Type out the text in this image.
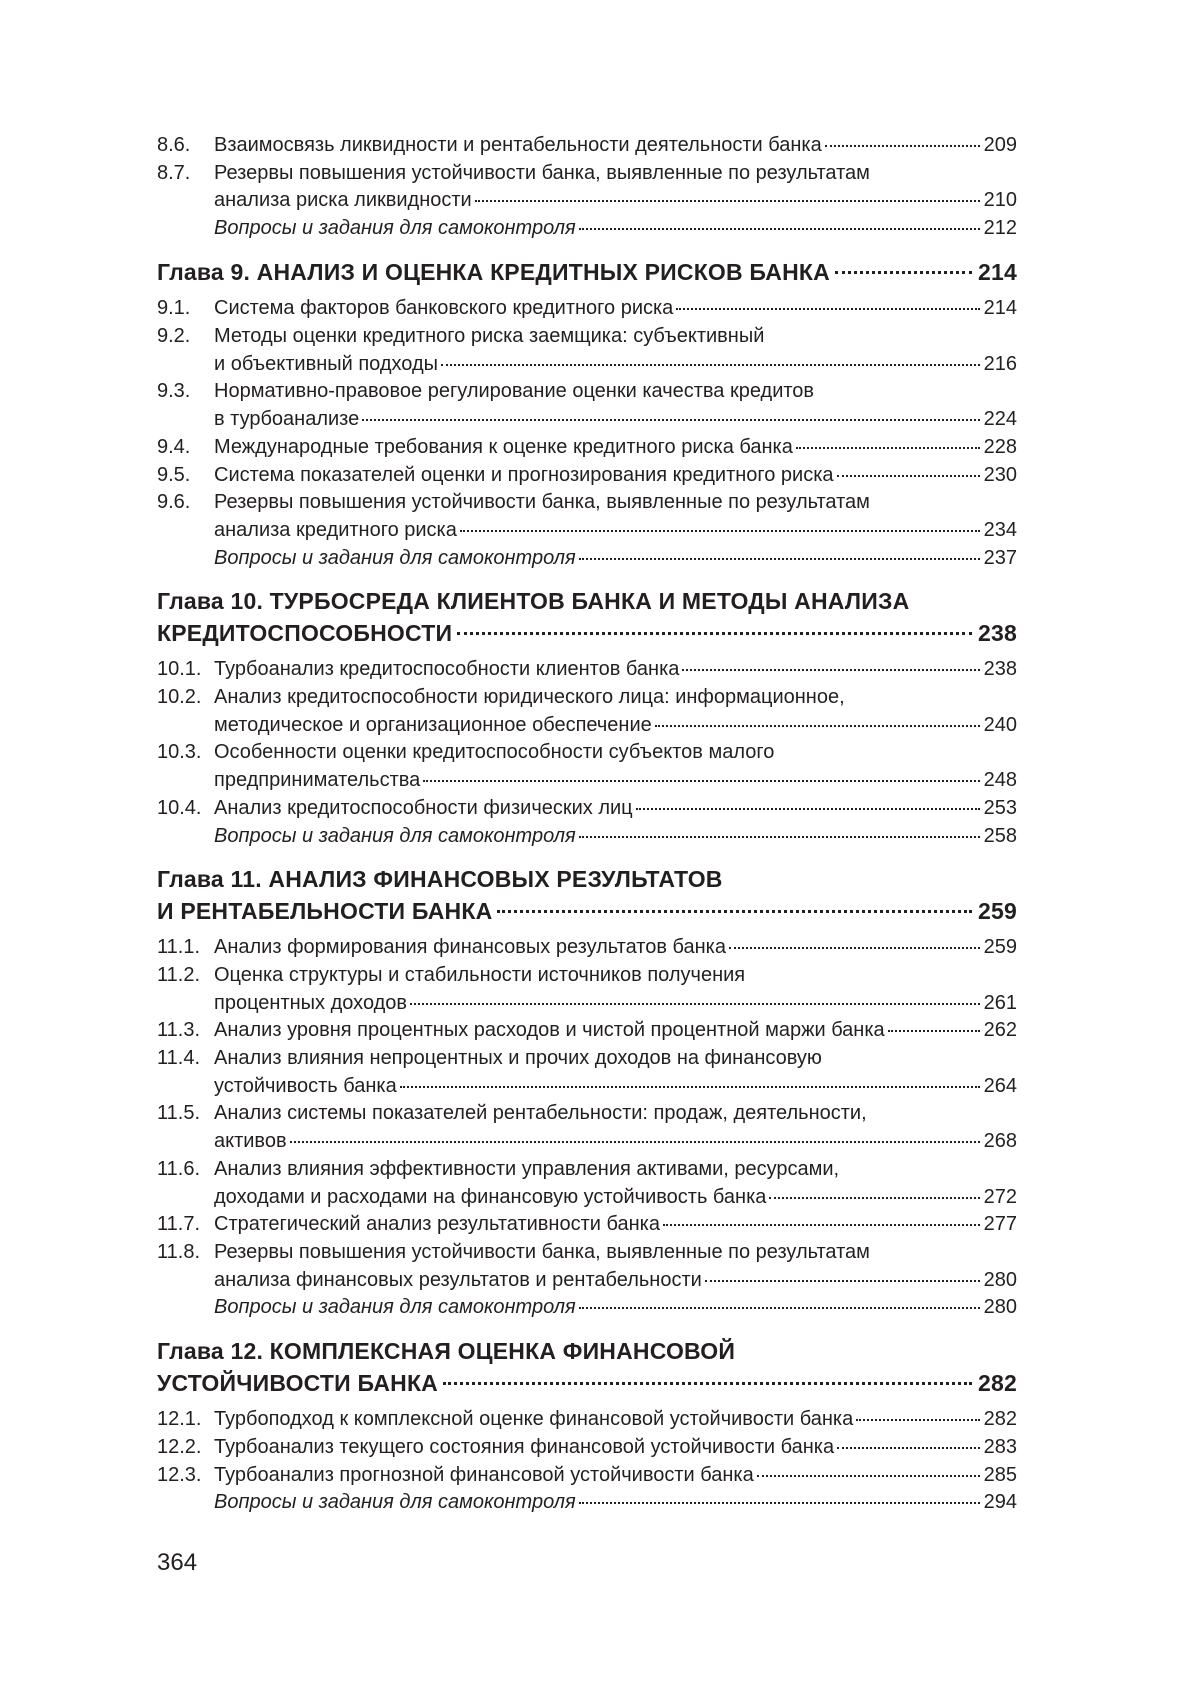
8.6.	Взаимосвязь ликвидности и рентабельности деятельности банка	209
8.7.	Резервы повышения устойчивости банка, выявленные по результатам
анализа риска ликвидности	210
Вопросы и задания для самоконтроля	212
Глава 9. АНАЛИЗ И ОЦЕНКА КРЕДИТНЫХ РИСКОВ БАНКА	214
9.1.	Система факторов банковского кредитного риска	214
9.2.	Методы оценки кредитного риска заемщика: субъективный
и объективный подходы	216
9.3.	Нормативно-правовое регулирование оценки качества кредитов
в турбоанализе	224
9.4.	Международные требования к оценке кредитного риска банка	228
9.5.	Система показателей оценки и прогнозирования кредитного риска	230
9.6.	Резервы повышения устойчивости банка, выявленные по результатам
анализа кредитного риска	234
Вопросы и задания для самоконтроля	237
Глава 10. ТУРБОСРЕДА КЛИЕНТОВ БАНКА И МЕТОДЫ АНАЛИЗА
КРЕДИТОСПОСОБНОСТИ	238
10.1. Турбоанализ кредитоспособности клиентов банка	238
10.2. Анализ кредитоспособности юридического лица: информационное,
методическое и организационное обеспечение	240
10.3. Особенности оценки кредитоспособности субъектов малого
предпринимательства	248
10.4. Анализ кредитоспособности физических лиц	253
Вопросы и задания для самоконтроля	258
Глава 11. АНАЛИЗ ФИНАНСОВЫХ РЕЗУЛЬТАТОВ
И РЕНТАБЕЛЬНОСТИ БАНКА	259
11.1. Анализ формирования финансовых результатов банка	259
11.2. Оценка структуры и стабильности источников получения
процентных доходов	261
11.3. Анализ уровня процентных расходов и чистой процентной маржи банка	262
11.4. Анализ влияния непроцентных и прочих доходов на финансовую
устойчивость банка	264
11.5. Анализ системы показателей рентабельности: продаж, деятельности,
активов	268
11.6. Анализ влияния эффективности управления активами, ресурсами,
доходами и расходами на финансовую устойчивость банка	272
11.7. Стратегический анализ результативности банка	277
11.8. Резервы повышения устойчивости банка, выявленные по результатам
анализа финансовых результатов и рентабельности	280
Вопросы и задания для самоконтроля	280
Глава 12. КОМПЛЕКСНАЯ ОЦЕНКА ФИНАНСОВОЙ
УСТОЙЧИВОСТИ БАНКА	282
12.1. Турбоподход к комплексной оценке финансовой устойчивости банка	282
12.2. Турбоанализ текущего состояния финансовой устойчивости банка	283
12.3. Турбоанализ прогнозной финансовой устойчивости банка	285
Вопросы и задания для самоконтроля	294
364
